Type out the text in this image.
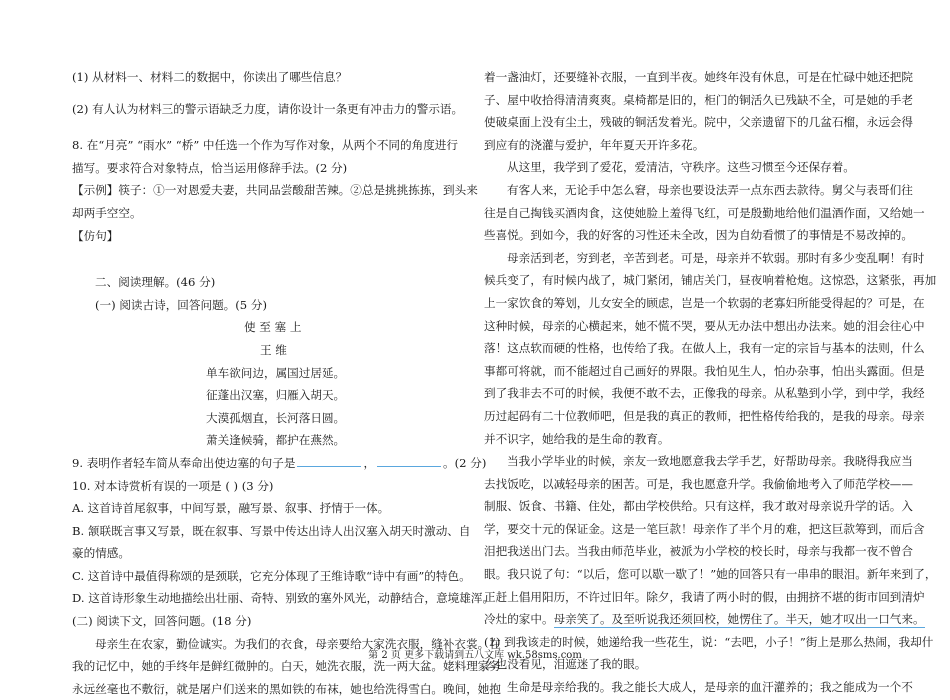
(1) 从材料一、材料二的数据中，你读出了哪些信息？
(2) 有人认为材料三的警示语缺乏力度，请你设计一条更有冲击力的警示语。
8. 在“月亮” “雨水” “桥” 中任选一个作为写作对象，从两个不同的角度进行
描写。要求符合对象特点，恰当运用修辞手法。(2 分)
【示例】筷子：①一对恩爱夫妻，共同品尝酸甜苦辣。②总是挑挑拣拣，到头来
却两手空空。
【仿句】
二、阅读理解。(46 分)
(一) 阅读古诗，回答问题。(5 分)
使 至 塞 上
王 维
单车欲问边，属国过居延。
征蓬出汉塞，归雁入胡天。
大漠孤烟直，长河落日圆。
萧关逢候骑，都护在燕然。
9. 表明作者轻车简从奉命出使边塞的句子是	，	。(2 分)
10. 对本诗赏析有误的一项是 ( ) (3 分)
A. 这首诗首尾叙事，中间写景，融写景、叙事、抒情于一体。
B. 颔联既言事又写景，既在叙事、写景中传达出诗人出汉塞入胡天时激动、自
豪的情感。
C. 这首诗中最值得称颂的是颈联，它充分体现了王维诗歌“诗中有画”的特色。
D. 这首诗形象生动地描绘出壮丽、奇特、别致的塞外风光，动静结合，意境雄浑。
(二) 阅读下文，回答问题。(18 分)
母亲生在农家，勤俭诚实。为我们的衣食，母亲要给大家洗衣服，缝补衣裳。在
我的记忆中，她的手终年是鲜红微肿的。白天，她洗衣服，洗一两大盆。姥料理家务
永远丝毫也不敷衍，就是屠户们送来的黑如铁的布袜，她也给洗得雪白。晚间，她抱
着一盏油灯，还要缝补衣服，一直到半夜。她终年没有休息，可是在忙碌中她还把院
子、屋中收拾得清清爽爽。桌椅都是旧的，柜门的铜活久已残缺不全，可是她的手老
使破桌面上没有尘土，残破的铜活发着光。院中，父亲遗留下的几盆石榴，永远会得
到应有的浇灌与爱护，年年夏天开许多花。
从这里，我学到了爱花，爱清洁，守秩序。这些习惯至今还保存着。
有客人来，无论手中怎么窘，母亲也要设法弄一点东西去款待。舅父与表哥们往
往是自己掏钱买酒肉食，这使她脸上羞得飞红，可是殷勤地给他们温酒作面，又给她一
些喜悦。到如今，我的好客的习性还未全改，因为自幼看惯了的事情是不易改掉的。
母亲活到老，穷到老，辛苦到老。可是，母亲并不软弱。那时有多少变乱啊！有时
候兵变了，有时候内战了，城门紧闭，铺店关门，昼夜响着枪炮。这惊恐，这紧张，再加
上一家饮食的筹划，儿女安全的顾虑，岂是一个软弱的老寡妇所能受得起的？可是，在
这种时候，母亲的心横起来，她不慌不哭，要从无办法中想出办法来。她的泪会往心中
落！这点软而硬的性格，也传给了我。在做人上，我有一定的宗旨与基本的法则，什么
事都可将就，而不能超过自己画好的界限。我怕见生人，怕办杂事，怕出头露面。但是
到了我非去不可的时候，我便不敢不去，正像我的母亲。从私塾到小学，到中学，我经
历过起码有二十位教师吧，但是我的真正的教师，把性格传给我的，是我的母亲。母亲
并不识字，她给我的是生命的教育。
当我小学毕业的时候，亲友一致地愿意我去学手艺，好帮助母亲。我晓得我应当
去找饭吃，以减轻母亲的困苦。可是，我也愿意升学。我偷偷地考入了师范学校——
制服、饭食、书籍、住处，都由学校供给。只有这样，我才敢对母亲说升学的话。入
学，要交十元的保证金。这是一笔巨款！母亲作了半个月的难，把这巨款筹到，而后含
泪把我送出门去。当我由师范毕业，被派为小学校的校长时，母亲与我都一夜不曾合
眼。我只说了句：“以后，您可以歇一歇了！”她的回答只有一串串的眼泪。新年来到了，
正赶上倡用阳历，不许过旧年。除夕，我请了两小时的假，由拥挤不堪的街市回到清炉
冷灶的家中。母亲笑了。及至听说我还须回校，她愣住了。半天，她才叹出一口气来。
(1) 到我该走的时候，她递给我一些花生，说：“去吧，小子！”街上是那么热闹，我却什
么也没看见，泪遮迷了我的眼。
生命是母亲给我的。我之能长大成人，是母亲的血汗灌养的；我之能成为一个不
第 2 页 更多下载请到五八文库 wk.58sms.com
